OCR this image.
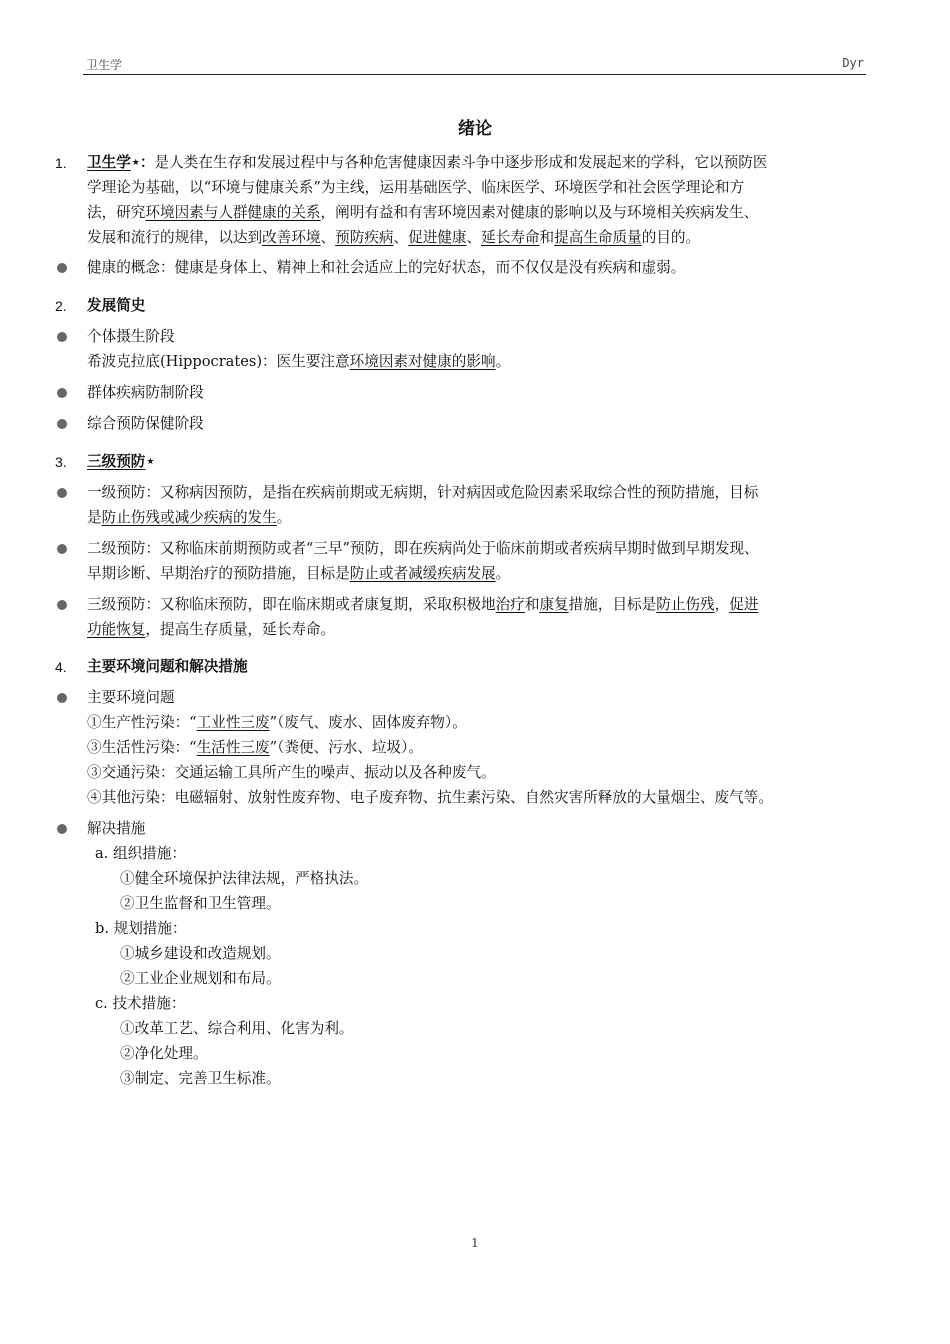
卫生学	Dyr
绪论
1. 卫生学★：是人类在生存和发展过程中与各种危害健康因素斗争中逐步形成和发展起来的学科，它以预防医
学理论为基础，以“环境与健康关系”为主线，运用基础医学、临床医学、环境医学和社会医学理论和方
法，研究环境因素与人群健康的关系，阐明有益和有害环境因素对健康的影响以及与环境相关疾病发生、
发展和流行的规律，以达到改善环境、预防疾病、促进健康、延长寿命和提高生命质量的目的。
健康的概念：健康是身体上、精神上和社会适应上的完好状态，而不仅仅是没有疾病和虚弱。
2. 发展简史
个体摄生阶段
希波克拉底(Hippocrates)：医生要注意环境因素对健康的影响。
群体疾病防制阶段
综合预防保健阶段
3. 三级预防★
一级预防：又称病因预防，是指在疾病前期或无病期，针对病因或危险因素采取综合性的预防措施，目标
是防止伤残或减少疾病的发生。
二级预防：又称临床前期预防或者“三早”预防，即在疾病尚处于临床前期或者疾病早期时做到早期发现、
早期诊断、早期治疗的预防措施，目标是防止或者减缓疾病发展。
三级预防：又称临床预防，即在临床期或者康复期，采取积极地治疗和康复措施，目标是防止伤残，促进
功能恢复，提高生存质量，延长寿命。
4. 主要环境问题和解决措施
主要环境问题
①生产性污染：“工业性三废”（废气、废水、固体废弃物）。
③生活性污染：“生活性三废”（粪便、污水、垃圾）。
③交通污染：交通运输工具所产生的噪声、振动以及各种废气。
④其他污染：电磁辐射、放射性废弃物、电子废弃物、抗生素污染、自然灾害所释放的大量烟尘、废气等。
解决措施
a. 组织措施：
①健全环境保护法律法规，严格执法。
②卫生监督和卫生管理。
b. 规划措施：
①城乡建设和改造规划。
②工业企业规划和布局。
c. 技术措施：
①改革工艺、综合利用、化害为利。
②净化处理。
③制定、完善卫生标准。
1
